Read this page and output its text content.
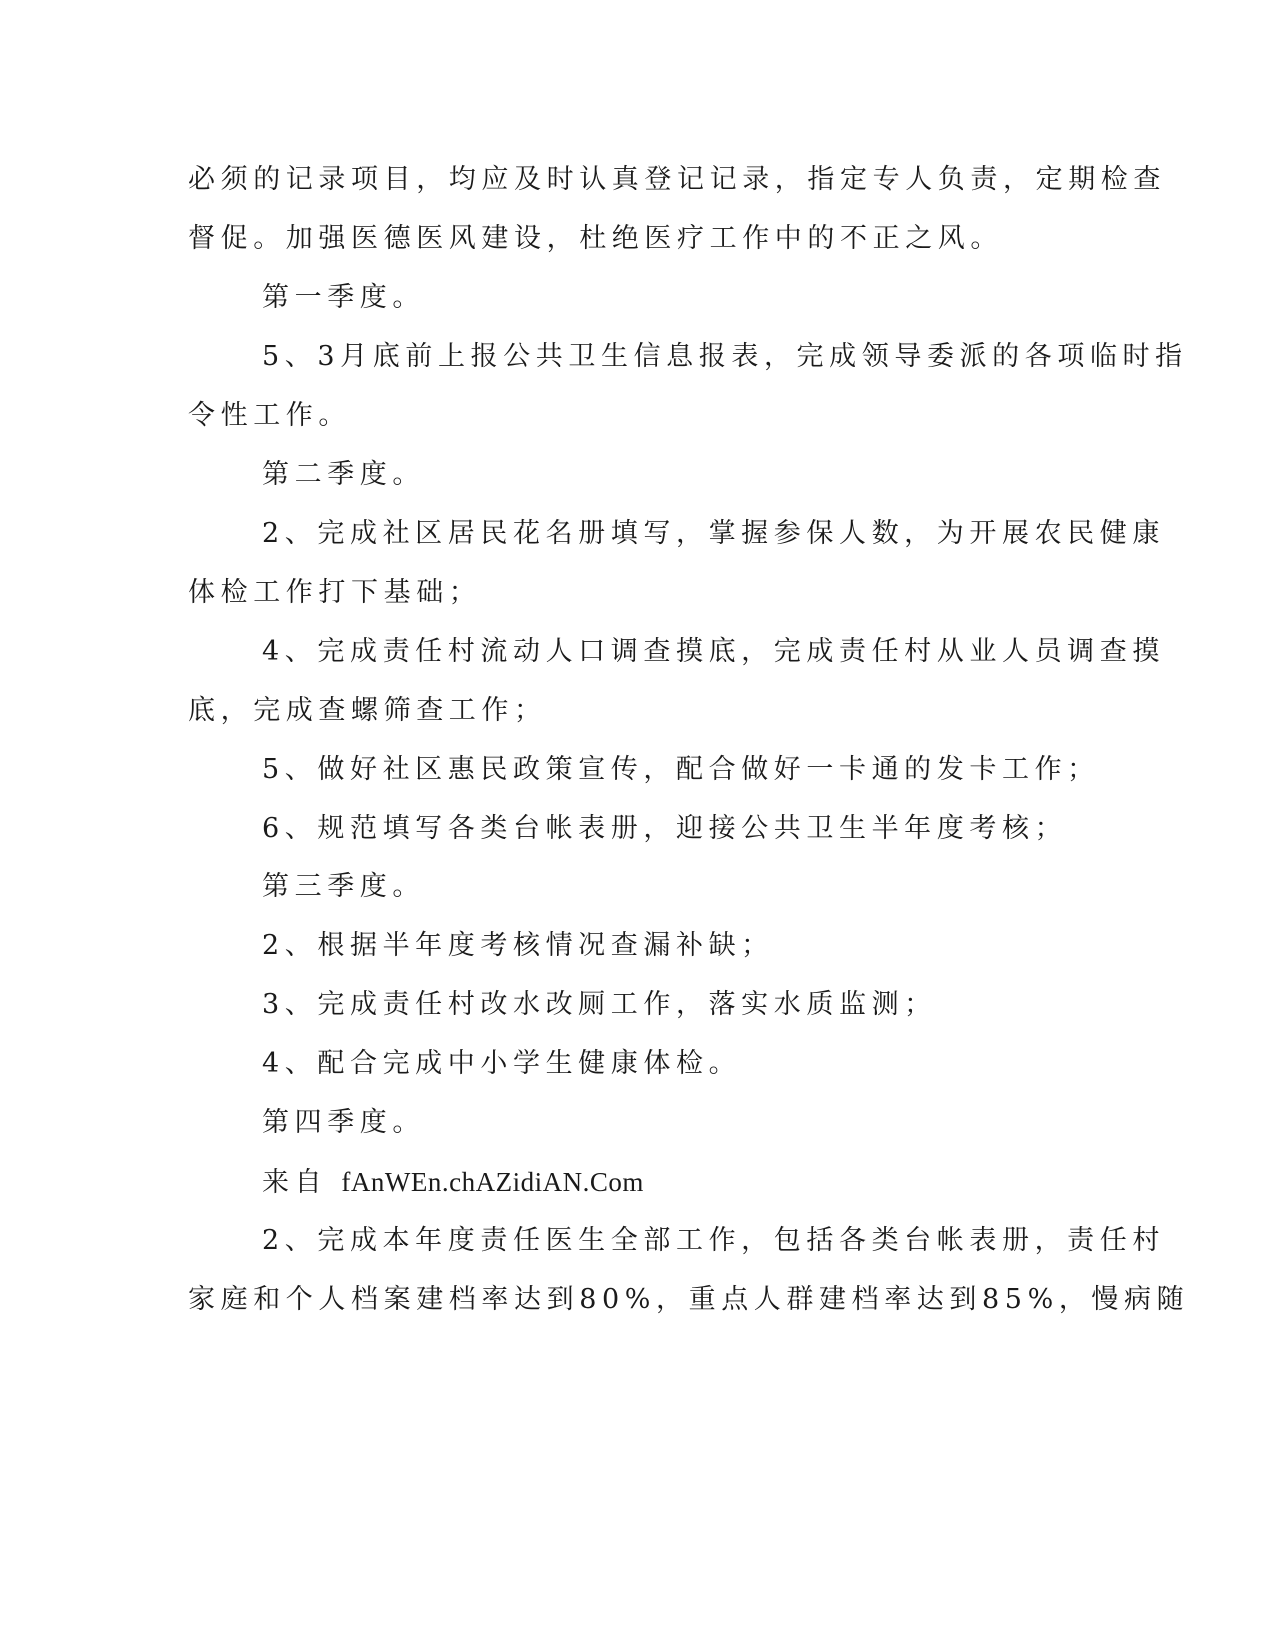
必须的记录项目，均应及时认真登记记录，指定专人负责，定期检查
督促。加强医德医风建设，杜绝医疗工作中的不正之风。
第一季度。
5、3月底前上报公共卫生信息报表，完成领导委派的各项临时指
令性工作。
第二季度。
2、完成社区居民花名册填写，掌握参保人数，为开展农民健康
体检工作打下基础；
4、完成责任村流动人口调查摸底，完成责任村从业人员调查摸
底，完成查螺筛查工作；
5、做好社区惠民政策宣传，配合做好一卡通的发卡工作；
6、规范填写各类台帐表册，迎接公共卫生半年度考核；
第三季度。
2、根据半年度考核情况查漏补缺；
3、完成责任村改水改厕工作，落实水质监测；
4、配合完成中小学生健康体检。
第四季度。
来自 fAnWEn.chAZidiAN.Com
2、完成本年度责任医生全部工作，包括各类台帐表册，责任村
家庭和个人档案建档率达到80%，重点人群建档率达到85%，慢病随
